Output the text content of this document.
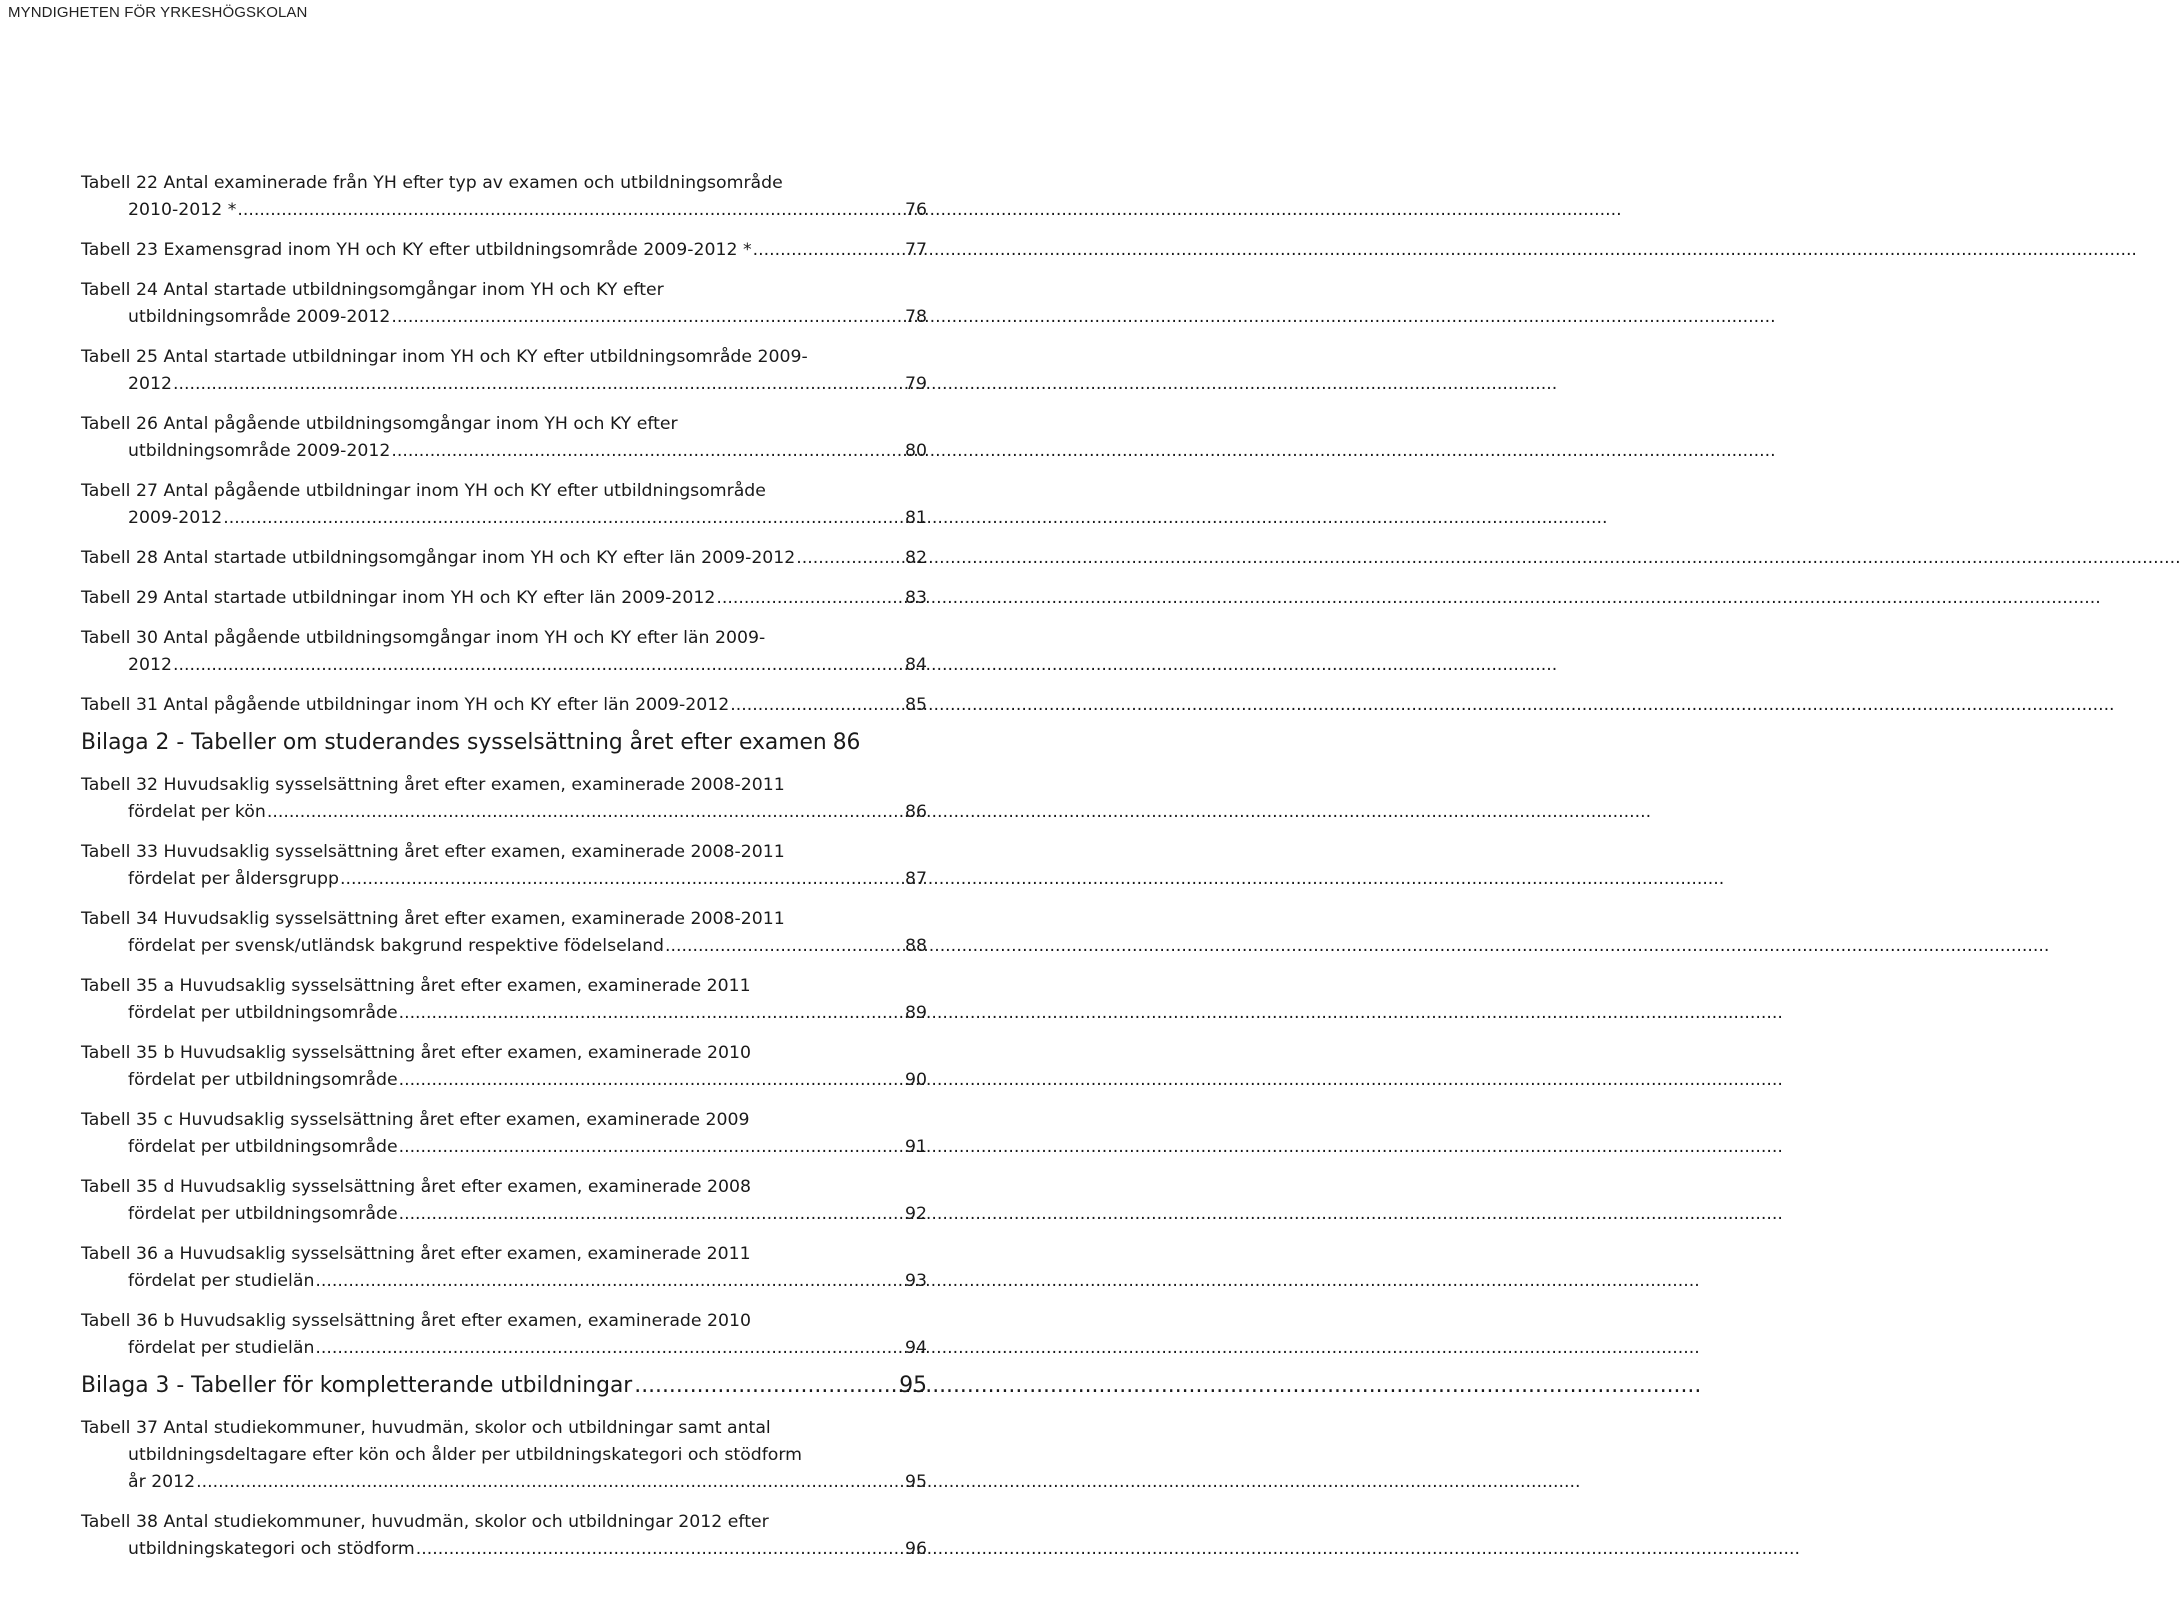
MYNDIGHETEN FÖR YRKESHÖGSKOLAN
Tabell 22 Antal examinerade från YH efter typ av examen och utbildningsområde
2010-2012 * .....	76
Tabell 23 Examensgrad inom YH och KY efter utbildningsområde 2009-2012 * .....	77
Tabell 24 Antal startade utbildningsomgångar inom YH och KY efter
utbildningsområde 2009-2012 .....	78
Tabell 25 Antal startade utbildningar inom YH och KY efter utbildningsområde 2009-
2012 .....	79
Tabell 26 Antal pågående utbildningsomgångar inom YH och KY efter
utbildningsområde 2009-2012 .....	80
Tabell 27 Antal pågående utbildningar inom YH och KY efter utbildningsområde
2009-2012 .....	81
Tabell 28 Antal startade utbildningsomgångar inom YH och KY efter län 2009-2012 .....	82
Tabell 29 Antal startade utbildningar inom YH och KY efter län 2009-2012 .....	83
Tabell 30 Antal pågående utbildningsomgångar inom YH och KY efter län 2009-
2012 .....	84
Tabell 31 Antal pågående utbildningar inom YH och KY efter län 2009-2012 .....	85
Bilaga 2 - Tabeller om studerandes sysselsättning året efter examen 86
Tabell 32 Huvudsaklig sysselsättning året efter examen, examinerade 2008-2011
fördelat per kön .....	86
Tabell 33 Huvudsaklig sysselsättning året efter examen, examinerade 2008-2011
fördelat per åldersgrupp .....	87
Tabell 34 Huvudsaklig sysselsättning året efter examen, examinerade 2008-2011
fördelat per svensk/utländsk bakgrund respektive födelseland .....	88
Tabell 35 a Huvudsaklig sysselsättning året efter examen, examinerade 2011
fördelat per utbildningsområde .....	89
Tabell 35 b Huvudsaklig sysselsättning året efter examen, examinerade 2010
fördelat per utbildningsområde .....	90
Tabell 35 c Huvudsaklig sysselsättning året efter examen, examinerade 2009
fördelat per utbildningsområde .....	91
Tabell 35 d Huvudsaklig sysselsättning året efter examen, examinerade 2008
fördelat per utbildningsområde .....	92
Tabell 36 a Huvudsaklig sysselsättning året efter examen, examinerade 2011
fördelat per studielän .....	93
Tabell 36 b Huvudsaklig sysselsättning året efter examen, examinerade 2010
fördelat per studielän .....	94
Bilaga 3 - Tabeller för kompletterande utbildningar .....	95
Tabell 37 Antal studiekommuner, huvudmän, skolor och utbildningar samt antal
utbildningsdeltagare efter kön och ålder per utbildningskategori och stödform
år 2012 .....	95
Tabell 38 Antal studiekommuner, huvudmän, skolor och utbildningar 2012 efter
utbildningskategori och stödform .....	96
